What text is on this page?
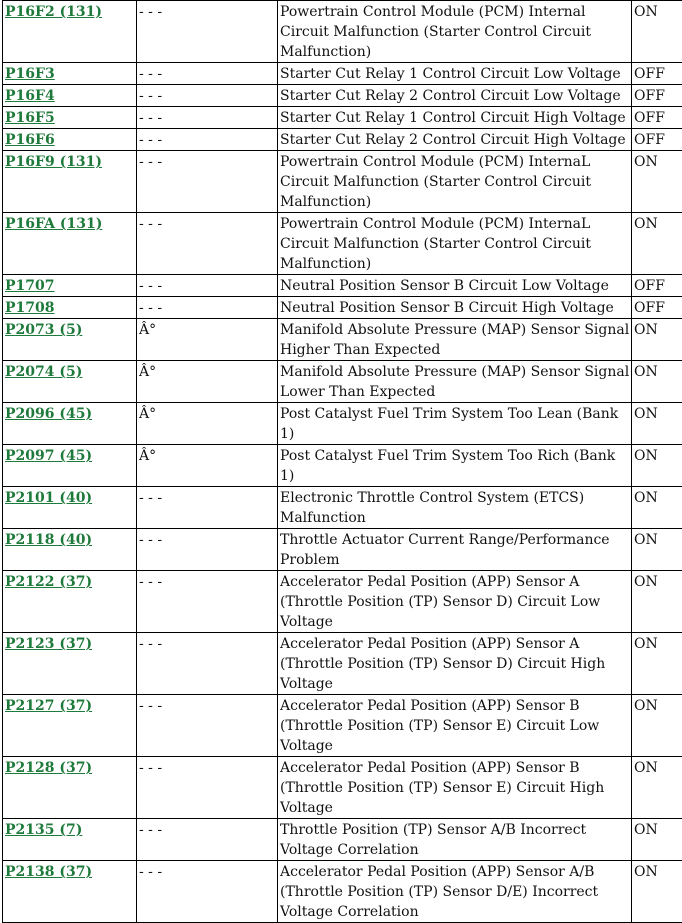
P16F2 (131)	- - -	Powertrain Control Module (PCM) Internal Circuit Malfunction (Starter Control Circuit Malfunction)	ON
P16F3	- - -	Starter Cut Relay 1 Control Circuit Low Voltage	OFF
P16F4	- - -	Starter Cut Relay 2 Control Circuit Low Voltage	OFF
P16F5	- - -	Starter Cut Relay 1 Control Circuit High Voltage	OFF
P16F6	- - -	Starter Cut Relay 2 Control Circuit High Voltage	OFF
P16F9 (131)	- - -	Powertrain Control Module (PCM) InternaL Circuit Malfunction (Starter Control Circuit Malfunction)	ON
P16FA (131)	- - -	Powertrain Control Module (PCM) InternaL Circuit Malfunction (Starter Control Circuit Malfunction)	ON
P1707	- - -	Neutral Position Sensor B Circuit Low Voltage	OFF
P1708	- - -	Neutral Position Sensor B Circuit High Voltage	OFF
P2073 (5)	Â°	Manifold Absolute Pressure (MAP) Sensor Signal Higher Than Expected	ON
P2074 (5)	Â°	Manifold Absolute Pressure (MAP) Sensor Signal Lower Than Expected	ON
P2096 (45)	Â°	Post Catalyst Fuel Trim System Too Lean (Bank 1)	ON
P2097 (45)	Â°	Post Catalyst Fuel Trim System Too Rich (Bank 1)	ON
P2101 (40)	- - -	Electronic Throttle Control System (ETCS) Malfunction	ON
P2118 (40)	- - -	Throttle Actuator Current Range/Performance Problem	ON
P2122 (37)	- - -	Accelerator Pedal Position (APP) Sensor A (Throttle Position (TP) Sensor D) Circuit Low Voltage	ON
P2123 (37)	- - -	Accelerator Pedal Position (APP) Sensor A (Throttle Position (TP) Sensor D) Circuit High Voltage	ON
P2127 (37)	- - -	Accelerator Pedal Position (APP) Sensor B (Throttle Position (TP) Sensor E) Circuit Low Voltage	ON
P2128 (37)	- - -	Accelerator Pedal Position (APP) Sensor B (Throttle Position (TP) Sensor E) Circuit High Voltage	ON
P2135 (7)	- - -	Throttle Position (TP) Sensor A/B Incorrect Voltage Correlation	ON
P2138 (37)	- - -	Accelerator Pedal Position (APP) Sensor A/B (Throttle Position (TP) Sensor D/E) Incorrect Voltage Correlation	ON
